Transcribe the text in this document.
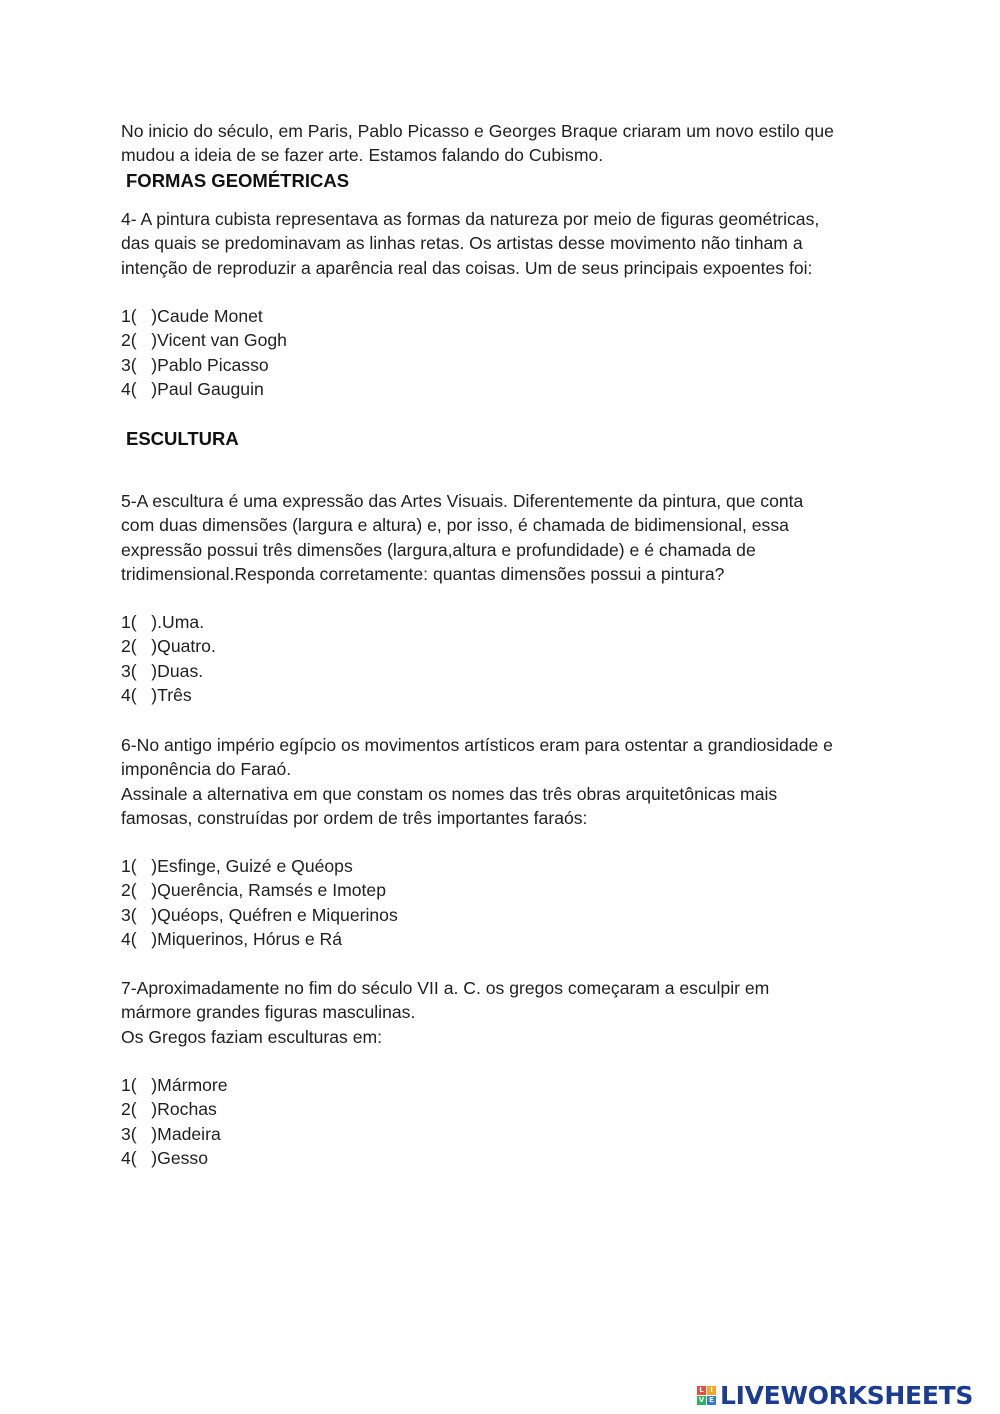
No inicio do século, em Paris, Pablo Picasso e Georges Braque criaram um novo estilo que
mudou a ideia de se fazer arte. Estamos falando do Cubismo.
FORMAS GEOMÉTRICAS
4- A pintura cubista representava as formas da natureza por meio de figuras geométricas,
das quais se predominavam as linhas retas. Os artistas desse movimento não tinham a
intenção de reproduzir a aparência real das coisas. Um de seus principais expoentes foi:
1(   )Caude Monet
2(   )Vicent van Gogh
3(   )Pablo Picasso
4(   )Paul Gauguin
ESCULTURA
5-A escultura é uma expressão das Artes Visuais. Diferentemente da pintura, que conta
com duas dimensões (largura e altura) e, por isso, é chamada de bidimensional, essa
expressão possui três dimensões (largura,altura e profundidade) e é chamada de
tridimensional.Responda corretamente: quantas dimensões possui a pintura?
1(   ).Uma.
2(   )Quatro.
3(   )Duas.
4(   )Três
6-No antigo império egípcio os movimentos artísticos eram para ostentar a grandiosidade e
imponência do Faraó.
Assinale a alternativa em que constam os nomes das três obras arquitetônicas mais
famosas, construídas por ordem de três importantes faraós:
1(   )Esfinge, Guizé e Quéops
2(   )Querência, Ramsés e Imotep
3(   )Quéops, Quéfren e Miquerinos
4(   )Miquerinos, Hórus e Rá
7-Aproximadamente no fim do século VII a. C. os gregos começaram a esculpir em
mármore grandes figuras masculinas.
Os Gregos faziam esculturas em:
1(   )Mármore
2(   )Rochas
3(   )Madeira
4(   )Gesso
L I
V E LIVEWORKSHEETS
